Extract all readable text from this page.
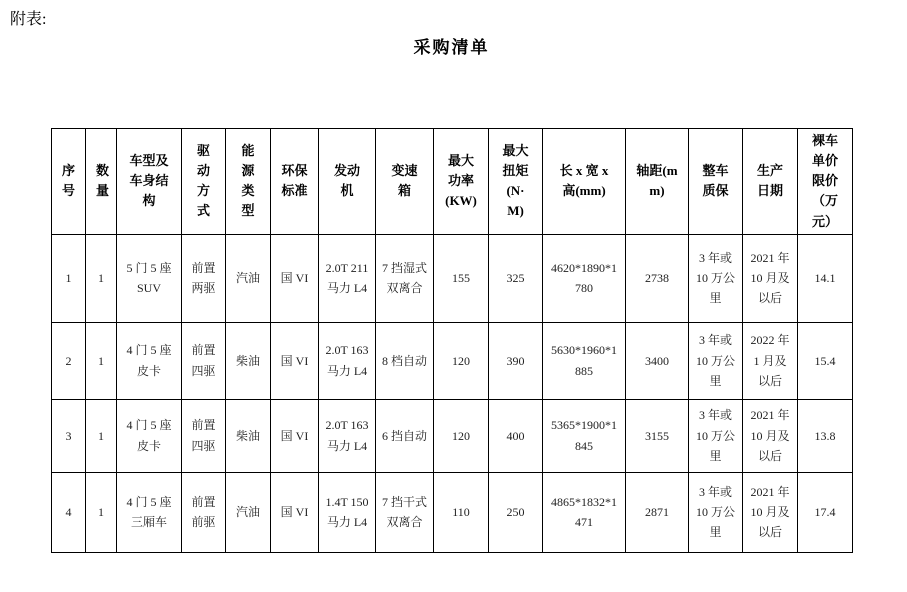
附表:
采购清单
序号	数量	车型及车身结构	驱动方式	能源类型	环保标准	发动机	变速箱	最大功率(KW)	最大扭矩(N·M)	长 x 宽 x 高(mm)	轴距(mm)	整车质保	生产日期	裸车单价限价（万元）
1	1	5 门 5 座 SUV	前置两驱	汽油	国 VI	2.0T 211 马力 L4	7 挡湿式双离合	155	325	4620*1890*1780	2738	3 年或 10 万公里	2021 年 10 月及以后	14.1
2	1	4 门 5 座皮卡	前置四驱	柴油	国 VI	2.0T 163 马力 L4	8 档自动	120	390	5630*1960*1885	3400	3 年或 10 万公里	2022 年 1 月及以后	15.4
3	1	4 门 5 座皮卡	前置四驱	柴油	国 VI	2.0T 163 马力 L4	6 挡自动	120	400	5365*1900*1845	3155	3 年或 10 万公里	2021 年 10 月及以后	13.8
4	1	4 门 5 座三厢车	前置前驱	汽油	国 VI	1.4T 150 马力 L4	7 挡干式双离合	110	250	4865*1832*1471	2871	3 年或 10 万公里	2021 年 10 月及以后	17.4
